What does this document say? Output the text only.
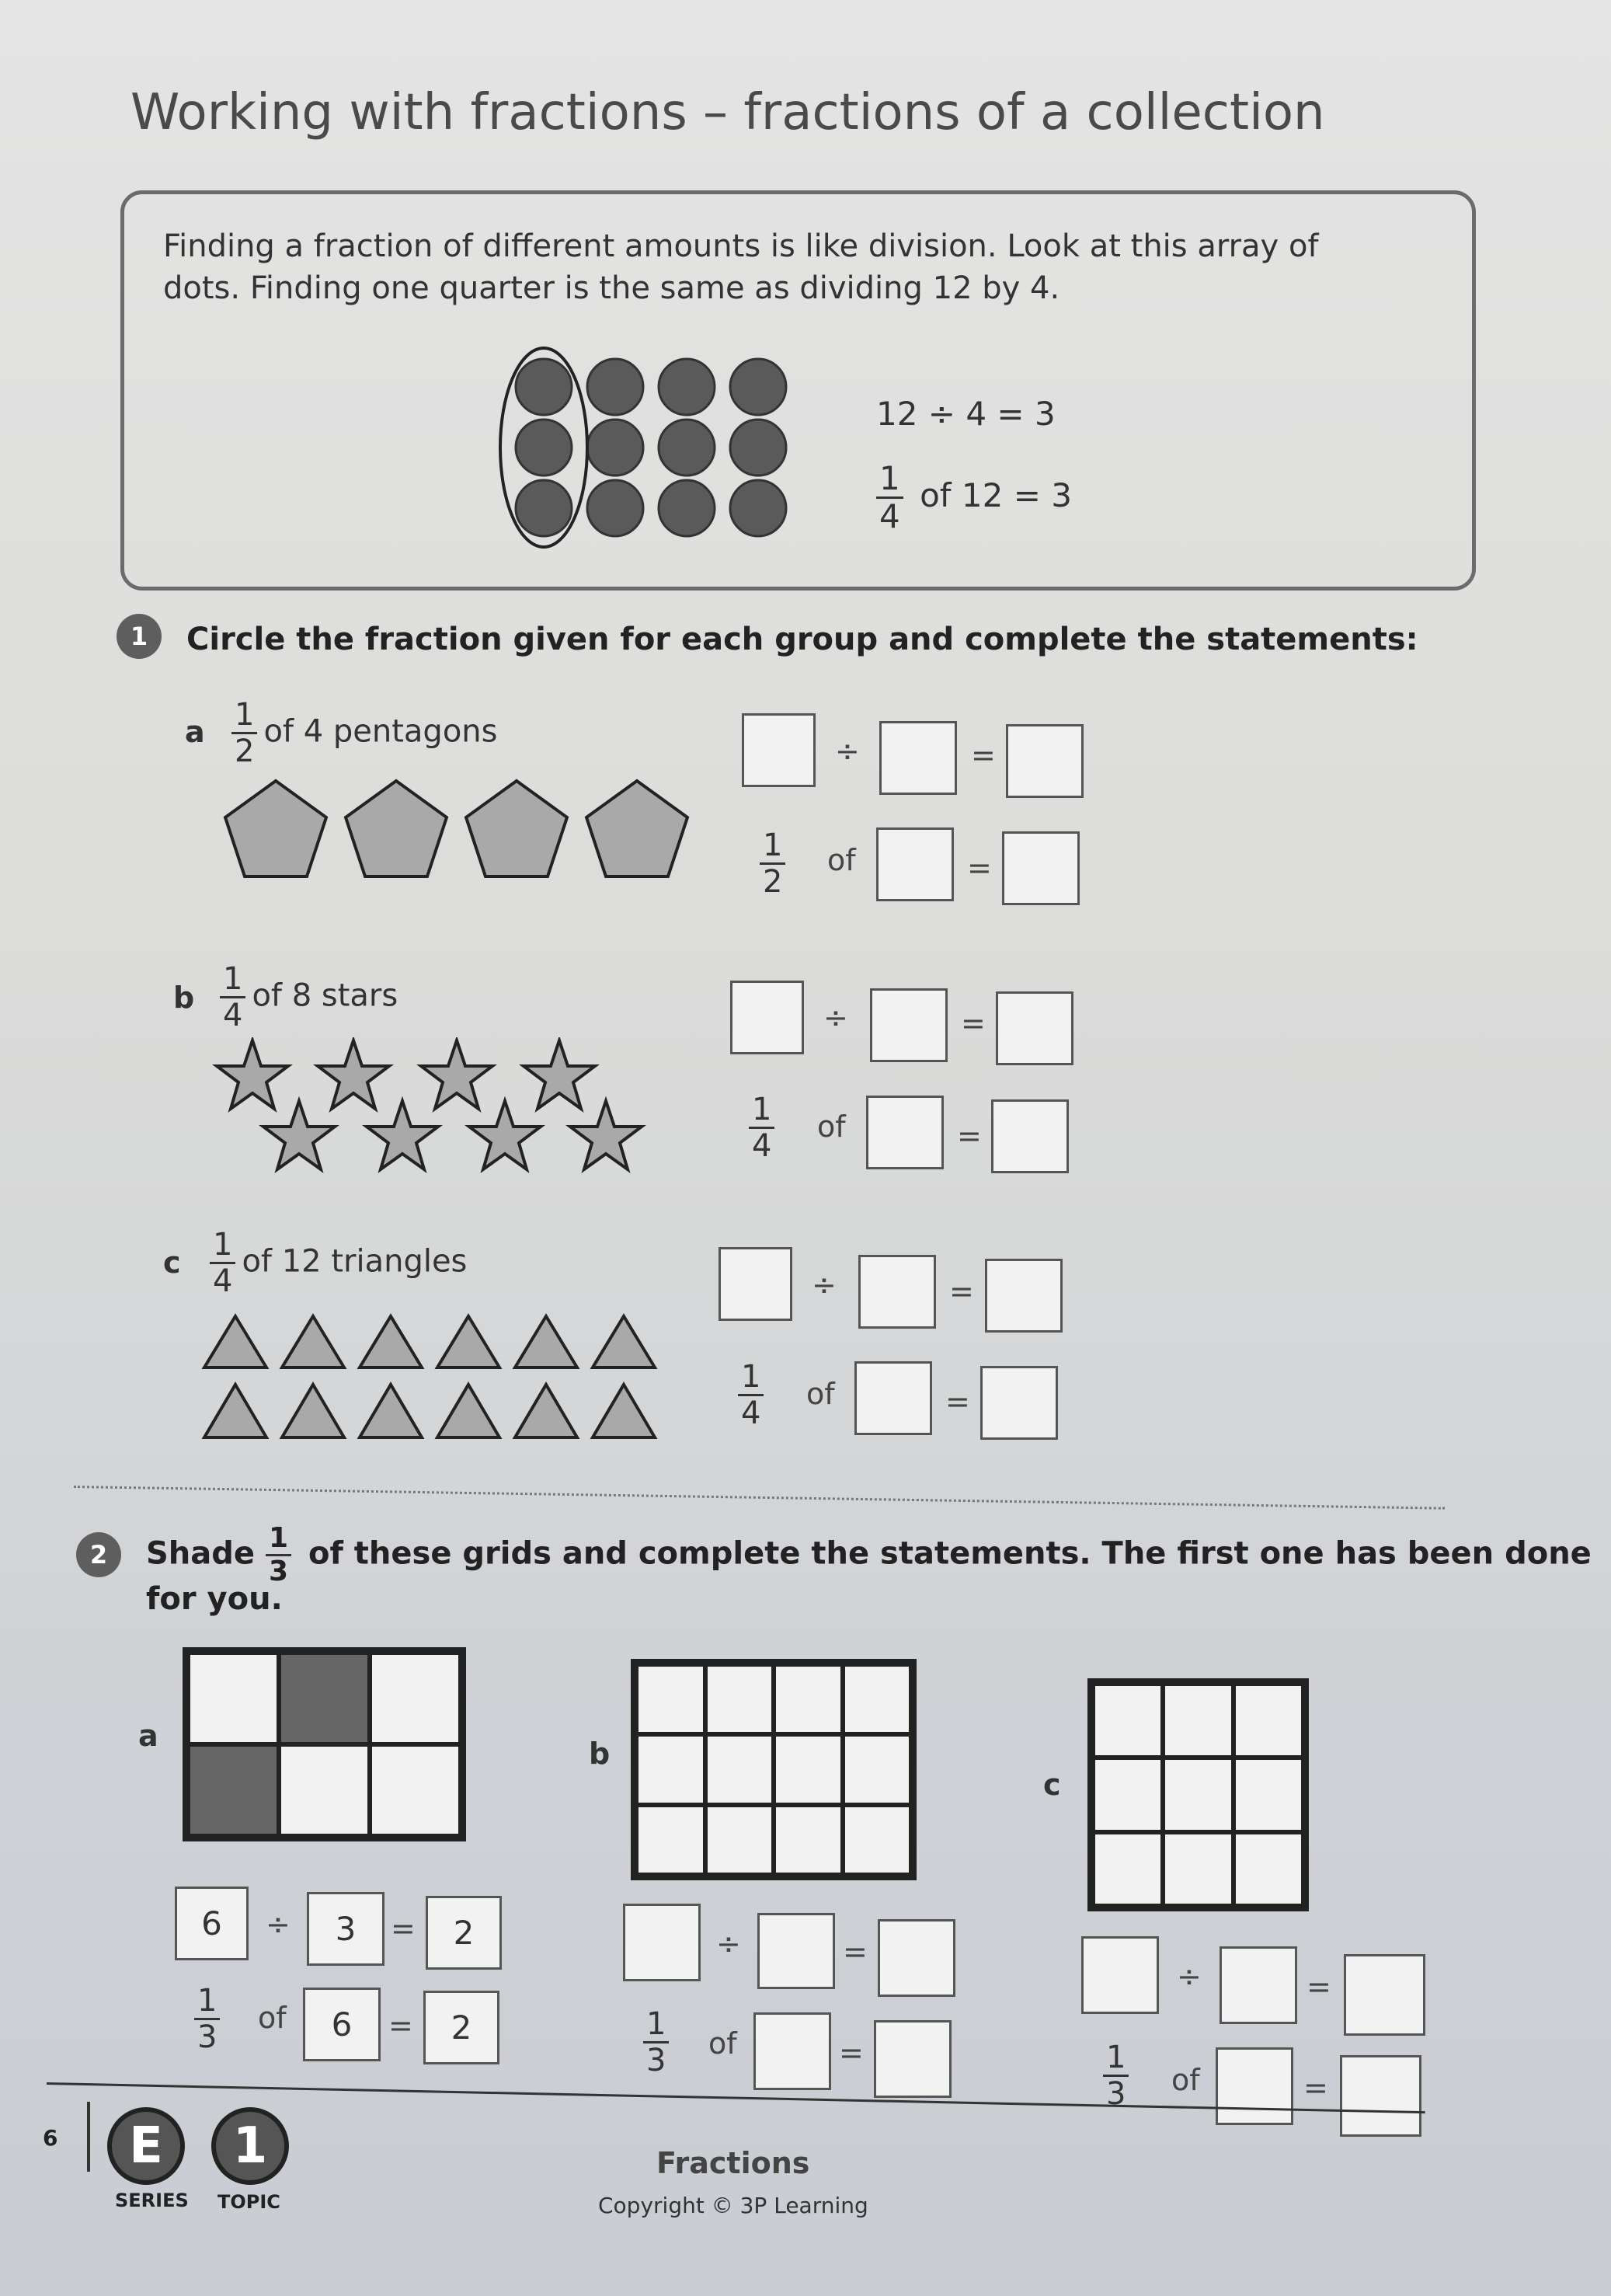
Working with fractions – fractions of a collection
Finding a fraction of different amounts is like division. Look at this array of dots. Finding one quarter is the same as dividing 12 by 4.
12 ÷ 4 = 3
$\frac{1}{4}$ of 12 = 3
1	Circle the fraction given for each group and complete the statements:
a $\frac{1}{2}$ of 4 pentagons
÷	=
$\frac{1}{2}$ of	=
b $\frac{1}{4}$ of 8 stars
÷	=
$\frac{1}{4}$ of	=
c $\frac{1}{4}$ of 12 triangles
÷	=
$\frac{1}{4}$ of	=
2	Shade $\frac{1}{3}$ of these grids and complete the statements. The first one has been done
for you.
a
b
c
6	÷	3	=	2
$\frac{1}{3}$ of	6	=	2
÷	=
$\frac{1}{3}$ of	=
÷	=
$\frac{1}{3}$ of	=
6	E
SERIES
1
TOPIC
Fractions
Copyright © 3P Learning
